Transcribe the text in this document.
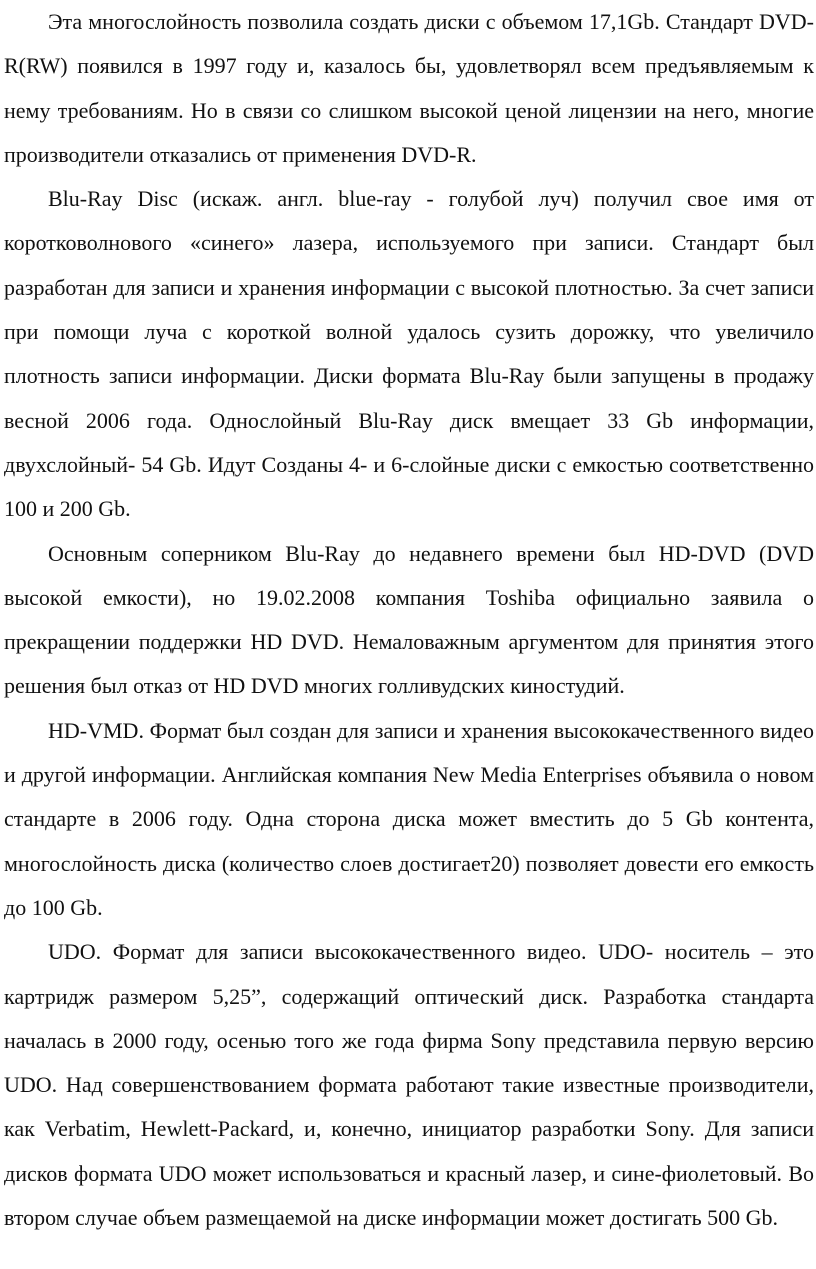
Эта многослойность позволила создать диски с объемом 17,1Gb. Стандарт DVD-R(RW) появился в 1997 году и, казалось бы, удовлетворял всем предъявляемым к нему требованиям. Но в связи со слишком высокой ценой лицензии на него, многие производители отказались от применения DVD-R.

Blu-Ray Disc (искаж. англ. blue-ray - голубой луч) получил свое имя от коротковолнового «синего» лазера, используемого при записи. Стандарт был разработан для записи и хранения информации с высокой плотностью. За счет записи при помощи луча с короткой волной удалось сузить дорожку, что увеличило плотность записи информации. Диски формата Blu-Ray были запущены в продажу весной 2006 года. Однослойный Blu-Ray диск вмещает 33 Gb информации, двухслойный- 54 Gb. Идут Созданы 4- и 6-слойные диски с емкостью соответственно 100 и 200 Gb.

Основным соперником Blu-Ray до недавнего времени был HD-DVD (DVD высокой емкости), но 19.02.2008 компания Toshiba официально заявила о прекращении поддержки HD DVD. Немаловажным аргументом для принятия этого решения был отказ от HD DVD многих голливудских киностудий.

HD-VMD. Формат был создан для записи и хранения высококачественного видео и другой информации. Английская компания New Media Enterprises объявила о новом стандарте в 2006 году. Одна сторона диска может вместить до 5 Gb контента, многослойность диска (количество слоев достигает20) позволяет довести его емкость до 100 Gb.

UDO. Формат для записи высококачественного видео. UDO- носитель – это картридж размером 5,25”, содержащий оптический диск. Разработка стандарта началась в 2000 году, осенью того же года фирма Sony представила первую версию UDO. Над совершенствованием формата работают такие известные производители, как Verbatim, Hewlett-Packard, и, конечно, инициатор разработки Sony. Для записи дисков формата UDO может использоваться и красный лазер, и сине-фиолетовый. Во втором случае объем размещаемой на диске информации может достигать 500 Gb.
